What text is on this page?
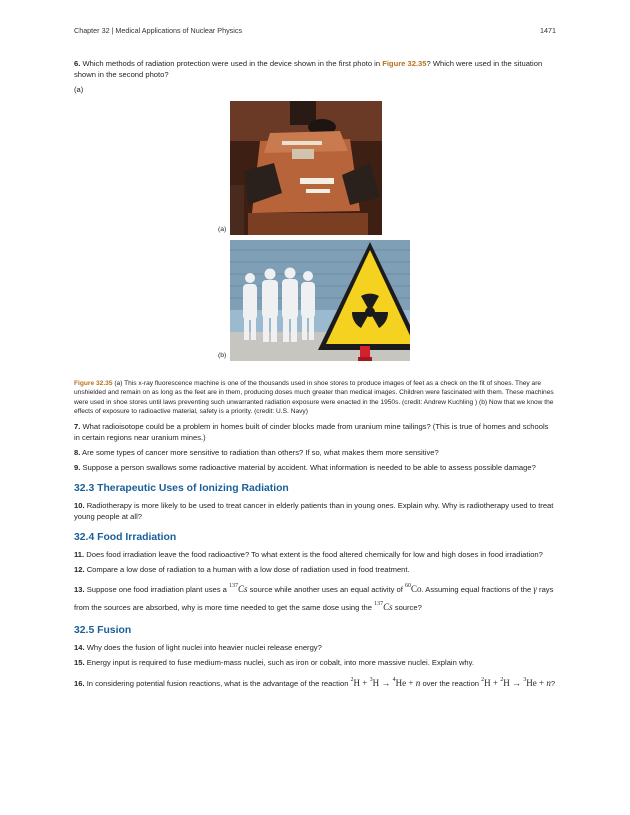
Chapter 32 | Medical Applications of Nuclear Physics	1471

6. Which methods of radiation protection were used in the device shown in the first photo in Figure 32.35? Which were used in the situation shown in the second photo?

(a)

(a)
(b)

Figure 32.35 (a) This x-ray fluorescence machine is one of the thousands used in shoe stores to produce images of feet as a check on the fit of shoes. They are unshielded and remain on as long as the feet are in them, producing doses much greater than medical images. Children were fascinated with them. These machines were used in shoe stores until laws preventing such unwarranted radiation exposure were enacted in the 1950s. (credit: Andrew Kuchling ) (b) Now that we know the effects of exposure to radioactive material, safety is a priority. (credit: U.S. Navy)

7. What radioisotope could be a problem in homes built of cinder blocks made from uranium mine tailings? (This is true of homes and schools in certain regions near uranium mines.)

8. Are some types of cancer more sensitive to radiation than others? If so, what makes them more sensitive?

9. Suppose a person swallows some radioactive material by accident. What information is needed to be able to assess possible damage?

32.3 Therapeutic Uses of Ionizing Radiation

10. Radiotherapy is more likely to be used to treat cancer in elderly patients than in young ones. Explain why. Why is radiotherapy used to treat young people at all?

32.4 Food Irradiation

11. Does food irradiation leave the food radioactive? To what extent is the food altered chemically for low and high doses in food irradiation?

12. Compare a low dose of radiation to a human with a low dose of radiation used in food treatment.

13. Suppose one food irradiation plant uses a $^{137}$Cs source while another uses an equal activity of $^{60}$Co. Assuming equal fractions of the γ rays from the sources are absorbed, why is more time needed to get the same dose using the $^{137}$Cs source?

32.5 Fusion

14. Why does the fusion of light nuclei into heavier nuclei release energy?

15. Energy input is required to fuse medium-mass nuclei, such as iron or cobalt, into more massive nuclei. Explain why.

16. In considering potential fusion reactions, what is the advantage of the reaction $^2$H + $^3$H → $^4$He + n over the reaction $^2$H + $^2$H → $^3$He + n?
